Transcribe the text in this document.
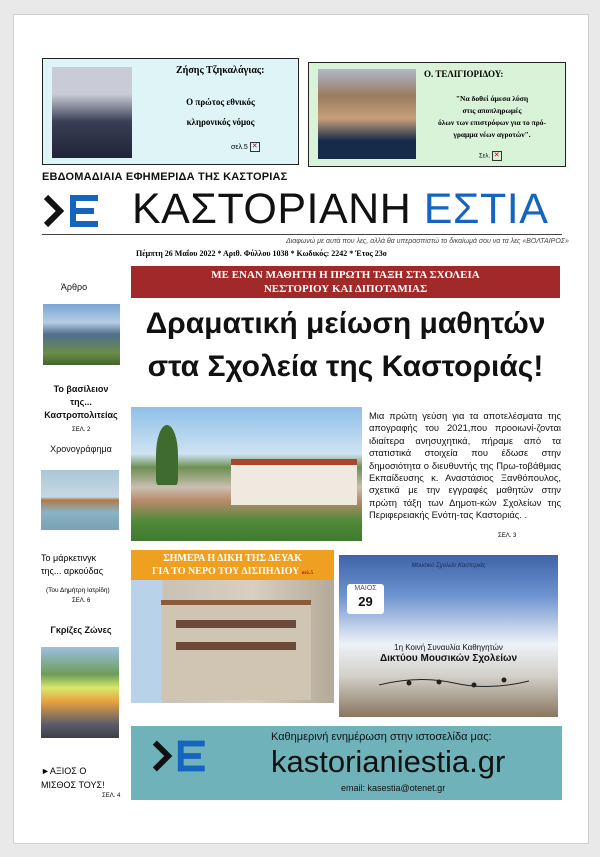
Ζήσης Τζηκαλάγιας:
Ο πρώτος εθνικός
κληρονικός νόμος
σελ.5 ✕
Ο. ΤΕΛΙΓΙΟΡΙΔΟΥ:
"Να δοθεί άμεσα λύση
στις αποπληρωμές
όλων των επιστρόφων για το πρό-
γραμμα νέων αγροτών".
Σελ. ✕
ΕΒΔΟΜΑΔΙΑΙΑ ΕΦΗΜΕΡΙΔΑ ΤΗΣ ΚΑΣΤΟΡΙΑΣ
ΚΑΣΤΟΡΙΑΝΗ ΕΣΤΙΑ
Διαφωνώ με αυτά που λες, αλλά θα υπερασπιστώ το δικαίωμά σου να τα λες «ΒΟΛΤΑΙΡΟΣ»
Πέμπτη 26 Μαΐου 2022 * Αριθ. Φύλλου 1038 * Κωδικός: 2242 * Έτος 23ο
Άρθρο
Το βασίλειον
της...
Καστροπολιτείας
ΣΕΛ. 2
Χρονογράφημα
Το μάρκετινγκ
της... αρκούδας
(Του Δημήτρη Ιατρίδη)
ΣΕΛ. 6
Γκρίζες Ζώνες
►ΑΞΙΟΣ Ο
ΜΙΣΘΟΣ ΤΟΥΣ!
ΣΕΛ. 4
ΜΕ ΕΝΑΝ ΜΑΘΗΤΗ Η ΠΡΩΤΗ ΤΑΞΗ ΣΤΑ ΣΧΟΛΕΙΑ
ΝΕΣΤΟΡΙΟΥ ΚΑΙ ΔΙΠΟΤΑΜΙΑΣ
Δραματική μείωση μαθητών
στα Σχολεία της Καστοριάς!
Μια πρώτη γεύση για τα αποτελέσματα της απογραφής του 2021,που προοιωνί-ζονται ιδιαίτερα ανησυχητικά, πήραμε από τα στατιστικά στοιχεία που έδωσε στην δημοσιότητα ο διευθυντής της Πρω-τοβάθμιας Εκπαίδευσης κ. Αναστάσιος Ξανθόπουλος, σχετικά με την εγγραφές μαθητών στην πρώτη τάξη των Δημοτι-κών Σχολείων της Περιφερειακής Ενότη-τας Καστοριάς. .
ΣΕΛ. 3
ΣΗΜΕΡΑ Η ΔΙΚΗ ΤΗΣ ΔΕΥΑΚ
ΓΙΑ ΤΟ ΝΕΡΟ ΤΟΥ ΔΙΣΠΗΛΙΟΥ σελ.5
Μουσικό Σχολείο Καστοριάς
ΜΑΙΟΣ
29
1η Κοινή Συναυλία Καθηγητών
Δικτύου Μουσικών Σχολείων
Καθημερινή ενημέρωση στην ιστοσελίδα μας:
kastorianiestia.gr
email: kasestia@otenet.gr
